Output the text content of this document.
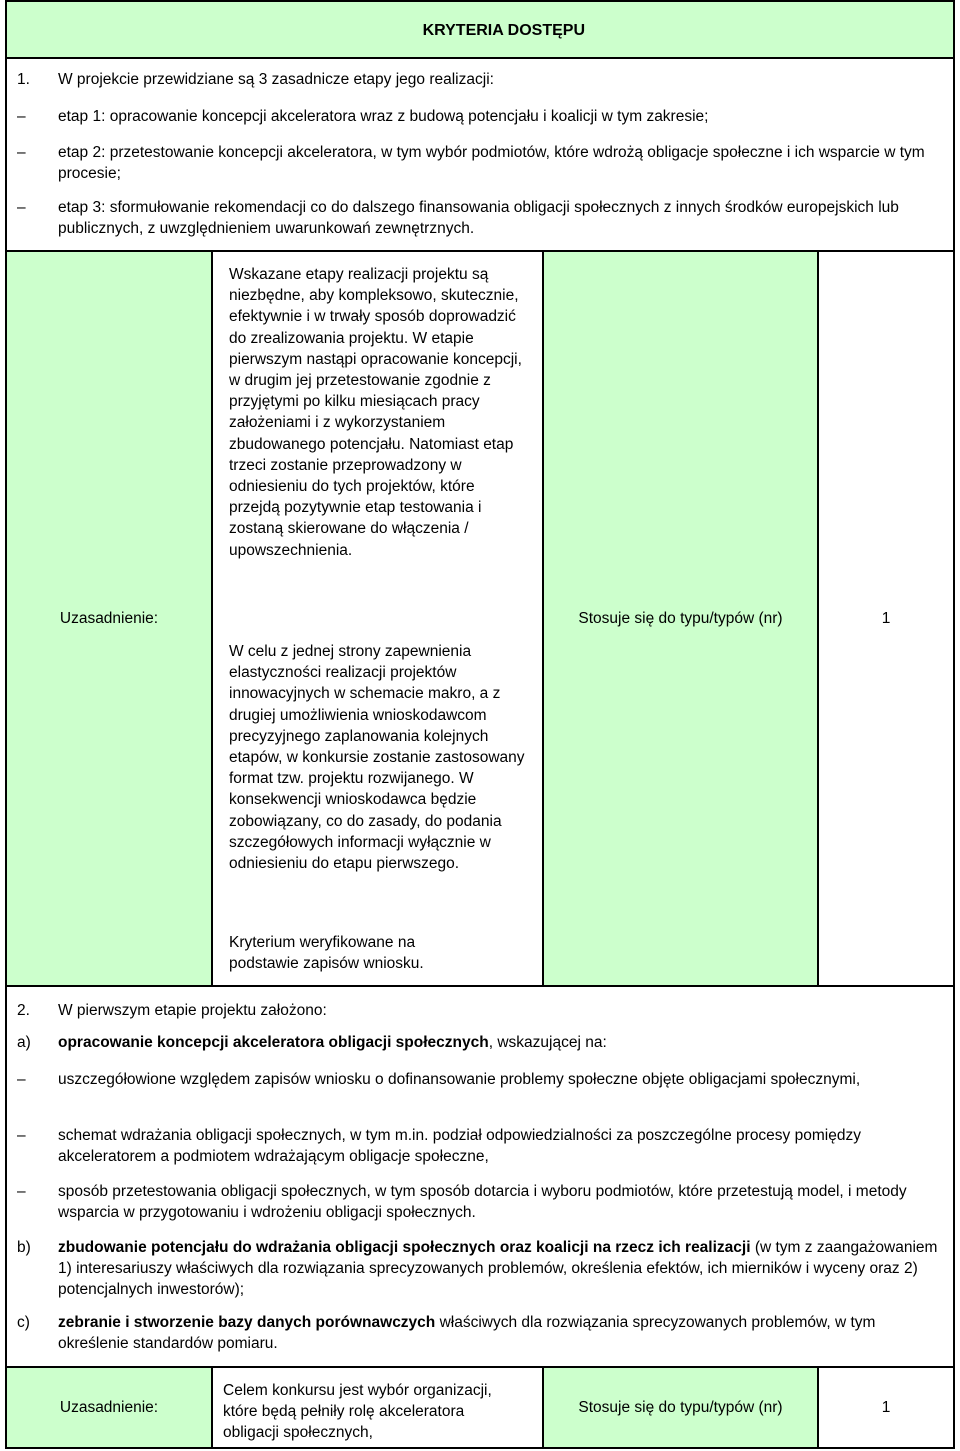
KRYTERIA DOSTĘPU
1. W projekcie przewidziane są 3 zasadnicze etapy jego realizacji:
– etap 1: opracowanie koncepcji akceleratora wraz z budową potencjału i koalicji w tym zakresie;
– etap 2: przetestowanie koncepcji akceleratora, w tym wybór podmiotów, które wdrożą obligacje społeczne i ich wsparcie w tym procesie;
– etap 3: sformułowanie rekomendacji co do dalszego finansowania obligacji społecznych z innych środków europejskich lub publicznych, z uwzględnieniem uwarunkowań zewnętrznych.
Uzasadnienie:
Wskazane etapy realizacji projektu są niezbędne, aby kompleksowo, skutecznie, efektywnie i w trwały sposób doprowadzić do zrealizowania projektu. W etapie pierwszym nastąpi opracowanie koncepcji, w drugim jej przetestowanie zgodnie z przyjętymi po kilku miesiącach pracy założeniami i z wykorzystaniem zbudowanego potencjału. Natomiast etap trzeci zostanie przeprowadzony w odniesieniu do tych projektów, które przejdą pozytywnie etap testowania i zostaną skierowane do włączenia / upowszechnienia.
W celu z jednej strony zapewnienia elastyczności realizacji projektów innowacyjnych w schemacie makro, a z drugiej umożliwienia wnioskodawcom precyzyjnego zaplanowania kolejnych etapów, w konkursie zostanie zastosowany format tzw. projektu rozwijanego. W konsekwencji wnioskodawca będzie zobowiązany, co do zasady, do podania szczegółowych informacji wyłącznie w odniesieniu do etapu pierwszego.
Kryterium weryfikowane na podstawie zapisów wniosku.
Stosuje się do typu/typów (nr)	1
2. W pierwszym etapie projektu założono:
a) opracowanie koncepcji akceleratora obligacji społecznych, wskazującej na:
– uszczegółowione względem zapisów wniosku o dofinansowanie problemy społeczne objęte obligacjami społecznymi,
– schemat wdrażania obligacji społecznych, w tym m.in. podział odpowiedzialności za poszczególne procesy pomiędzy akceleratorem a podmiotem wdrażającym obligacje społeczne,
– sposób przetestowania obligacji społecznych, w tym sposób dotarcia i wyboru podmiotów, które przetestują model, i metody wsparcia w przygotowaniu i wdrożeniu obligacji społecznych.
b) zbudowanie potencjału do wdrażania obligacji społecznych oraz koalicji na rzecz ich realizacji (w tym z zaangażowaniem 1) interesariuszy właściwych dla rozwiązania sprecyzowanych problemów, określenia efektów, ich mierników i wyceny oraz 2) potencjalnych inwestorów);
c) zebranie i stworzenie bazy danych porównawczych właściwych dla rozwiązania sprecyzowanych problemów, w tym określenie standardów pomiaru.
Uzasadnienie:
Celem konkursu jest wybór organizacji, które będą pełniły rolę akceleratora obligacji społecznych,
Stosuje się do typu/typów (nr)	1
